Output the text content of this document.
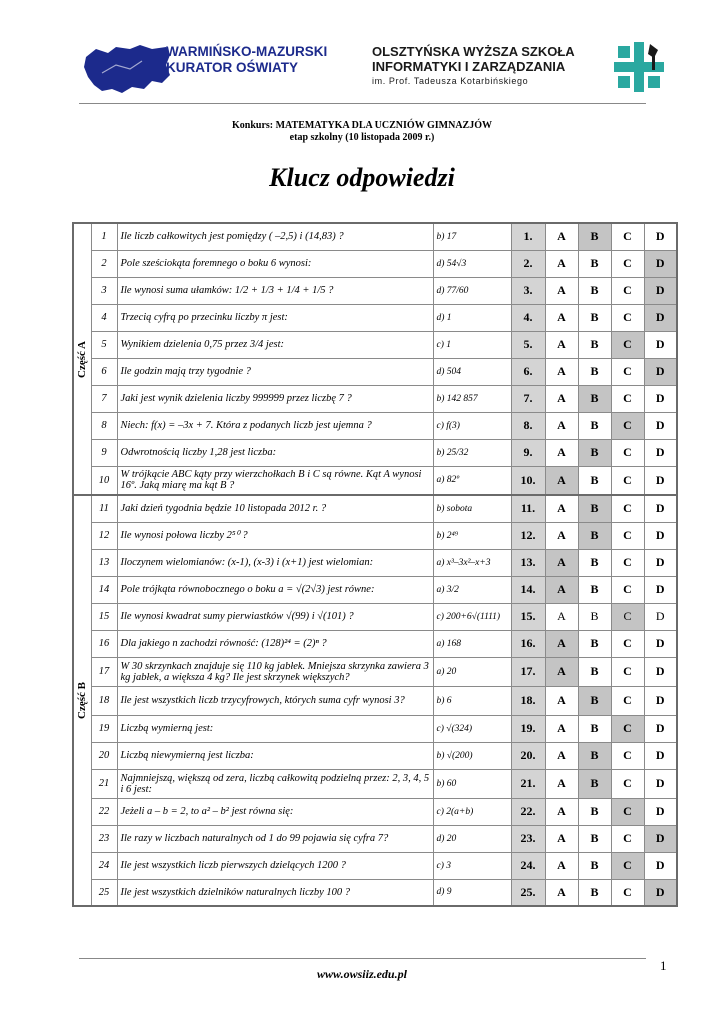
WARMIŃSKO-MAZURSKI
KURATOR OŚWIATY
OLSZTYŃSKA WYŻSZA SZKOŁA
INFORMATYKI I ZARZĄDZANIA
im. Prof. Tadeusza Kotarbińskiego
Konkurs: MATEMATYKA DLA UCZNIÓW GIMNAZJÓW
etap szkolny (10 listopada 2009 r.)
Klucz odpowiedzi
Część A	1	Ile liczb całkowitych jest pomiędzy ( –2,5) i (14,83) ?	b) 17	1.	A	B	C	D
	2	Pole sześciokąta foremnego o boku 6 wynosi:	d) 54√3	2.	A	B	C	D
	3	Ile wynosi suma ułamków: 1/2 + 1/3 + 1/4 + 1/5 ?	d) 77/60	3.	A	B	C	D
	4	Trzecią cyfrą po przecinku liczby π jest:	d) 1	4.	A	B	C	D
	5	Wynikiem dzielenia 0,75 przez 3/4 jest:	c) 1	5.	A	B	C	D
	6	Ile godzin mają trzy tygodnie ?	d) 504	6.	A	B	C	D
	7	Jaki jest wynik dzielenia liczby 999999 przez liczbę 7 ?	b) 142 857	7.	A	B	C	D
	8	Niech: f(x) = –3x + 7. Która z podanych liczb jest ujemna ?	c) f(3)	8.	A	B	C	D
	9	Odwrotnością liczby 1,28 jest liczba:	b) 25/32	9.	A	B	C	D
	10	W trójkącie ABC kąty przy wierzchołkach B i C są równe. Kąt A wynosi 16º. Jaką miarę ma kąt B ?	a) 82º	10.	A	B	C	D

Część B	11	Jaki dzień tygodnia będzie 10 listopada 2012 r. ?	b) sobota	11.	A	B	C	D
	12	Ile wynosi połowa liczby 2⁵⁰ ?	b) 2⁴⁹	12.	A	B	C	D
	13	Iloczynem wielomianów: (x-1), (x-3) i (x+1) jest wielomian:	a) x³–3x²–x+3	13.	A	B	C	D
	14	Pole trójkąta równobocznego o boku a = √(2√3) jest równe:	a) 3/2	14.	A	B	C	D
	15	Ile wynosi kwadrat sumy pierwiastków √(99) i √(101) ?	c) 200+6√(1111)	15.	A	B	C	D
	16	Dla jakiego n zachodzi równość: (128)²⁴ = (2)ⁿ ?	a) 168	16.	A	B	C	D
	17	W 30 skrzynkach znajduje się 110 kg jabłek. Mniejsza skrzynka zawiera 3 kg jabłek, a większa 4 kg? Ile jest skrzynek większych?	a) 20	17.	A	B	C	D
	18	Ile jest wszystkich liczb trzycyfrowych, których suma cyfr wynosi 3?	b) 6	18.	A	B	C	D
	19	Liczbą wymierną jest:	c) √(324)	19.	A	B	C	D
	20	Liczbą niewymierną jest liczba:	b) √(200)	20.	A	B	C	D
	21	Najmniejszą, większą od zera, liczbą całkowitą podzielną przez: 2, 3, 4, 5 i 6 jest:	b) 60	21.	A	B	C	D
	22	Jeżeli a – b = 2, to a² – b² jest równa się:	c) 2(a+b)	22.	A	B	C	D
	23	Ile razy w liczbach naturalnych od 1 do 99 pojawia się cyfra 7?	d) 20	23.	A	B	C	D
	24	Ile jest wszystkich liczb pierwszych dzielących 1200 ?	c) 3	24.	A	B	C	D
	25	Ile jest wszystkich dzielników naturalnych liczby 100 ?	d) 9	25.	A	B	C	D
www.owsiiz.edu.pl
1
